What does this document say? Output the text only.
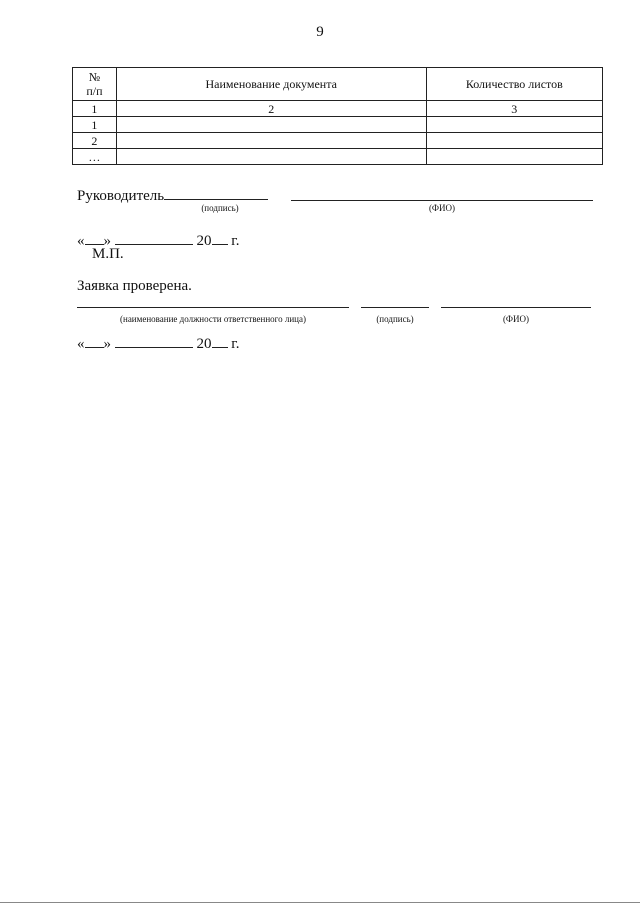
9
№
п/п	Наименование документа	Количество листов
1	2	3
1		
2		
…		
Руководитель
(подпись)	(ФИО)
« »	20 г.
М.П.
Заявка проверена.
(наименование должности ответственного лица)	(подпись)	(ФИО)
« »	20 г.
